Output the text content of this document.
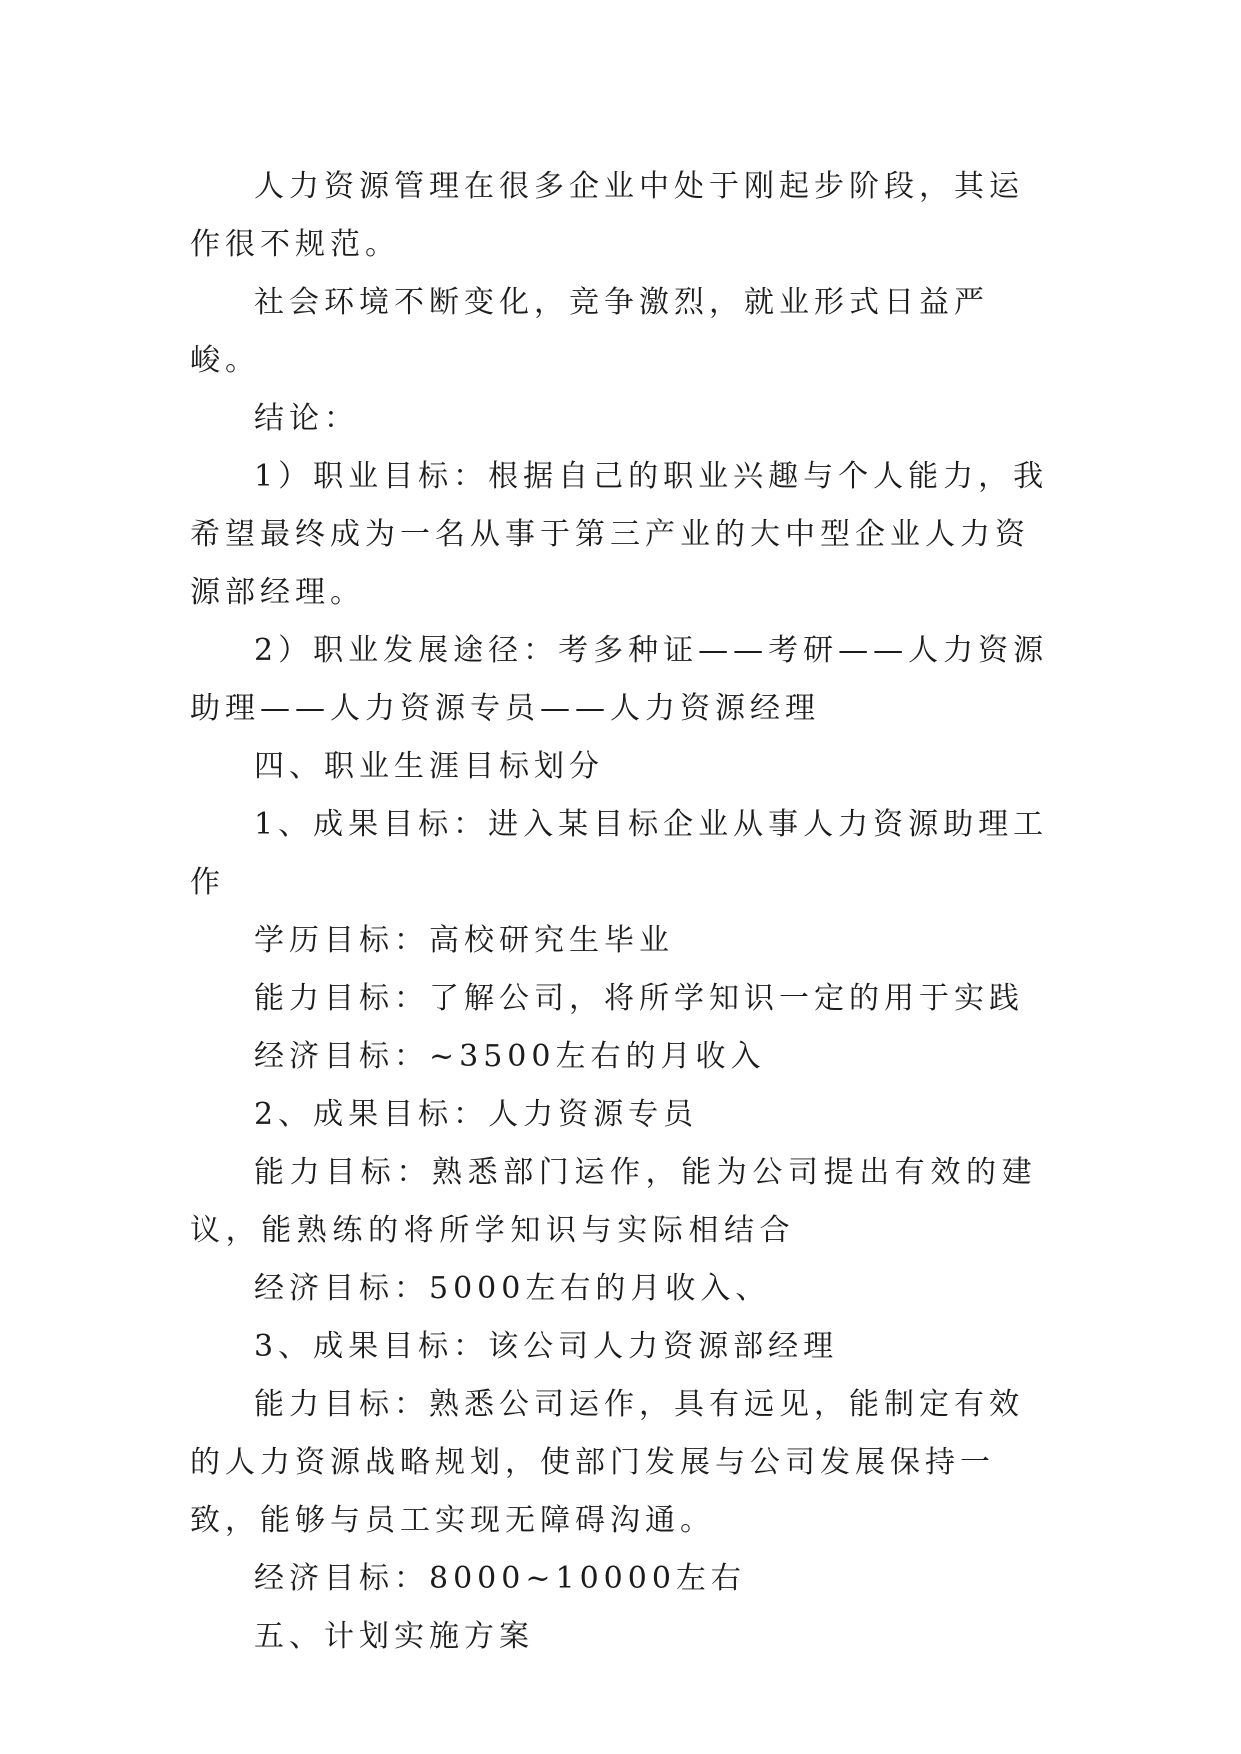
人力资源管理在很多企业中处于刚起步阶段，其运作很不规范。

社会环境不断变化，竞争激烈，就业形式日益严峻。

结论：

1）职业目标：根据自己的职业兴趣与个人能力，我希望最终成为一名从事于第三产业的大中型企业人力资源部经理。

2）职业发展途径：考多种证——考研——人力资源助理——人力资源专员——人力资源经理

四、职业生涯目标划分

1、成果目标：进入某目标企业从事人力资源助理工作

学历目标：高校研究生毕业

能力目标：了解公司，将所学知识一定的用于实践

经济目标：~3500左右的月收入

2、成果目标：人力资源专员

能力目标：熟悉部门运作，能为公司提出有效的建议，能熟练的将所学知识与实际相结合

经济目标：5000左右的月收入、

3、成果目标：该公司人力资源部经理

能力目标：熟悉公司运作，具有远见，能制定有效的人力资源战略规划，使部门发展与公司发展保持一致，能够与员工实现无障碍沟通。

经济目标：8000~10000左右

五、计划实施方案
